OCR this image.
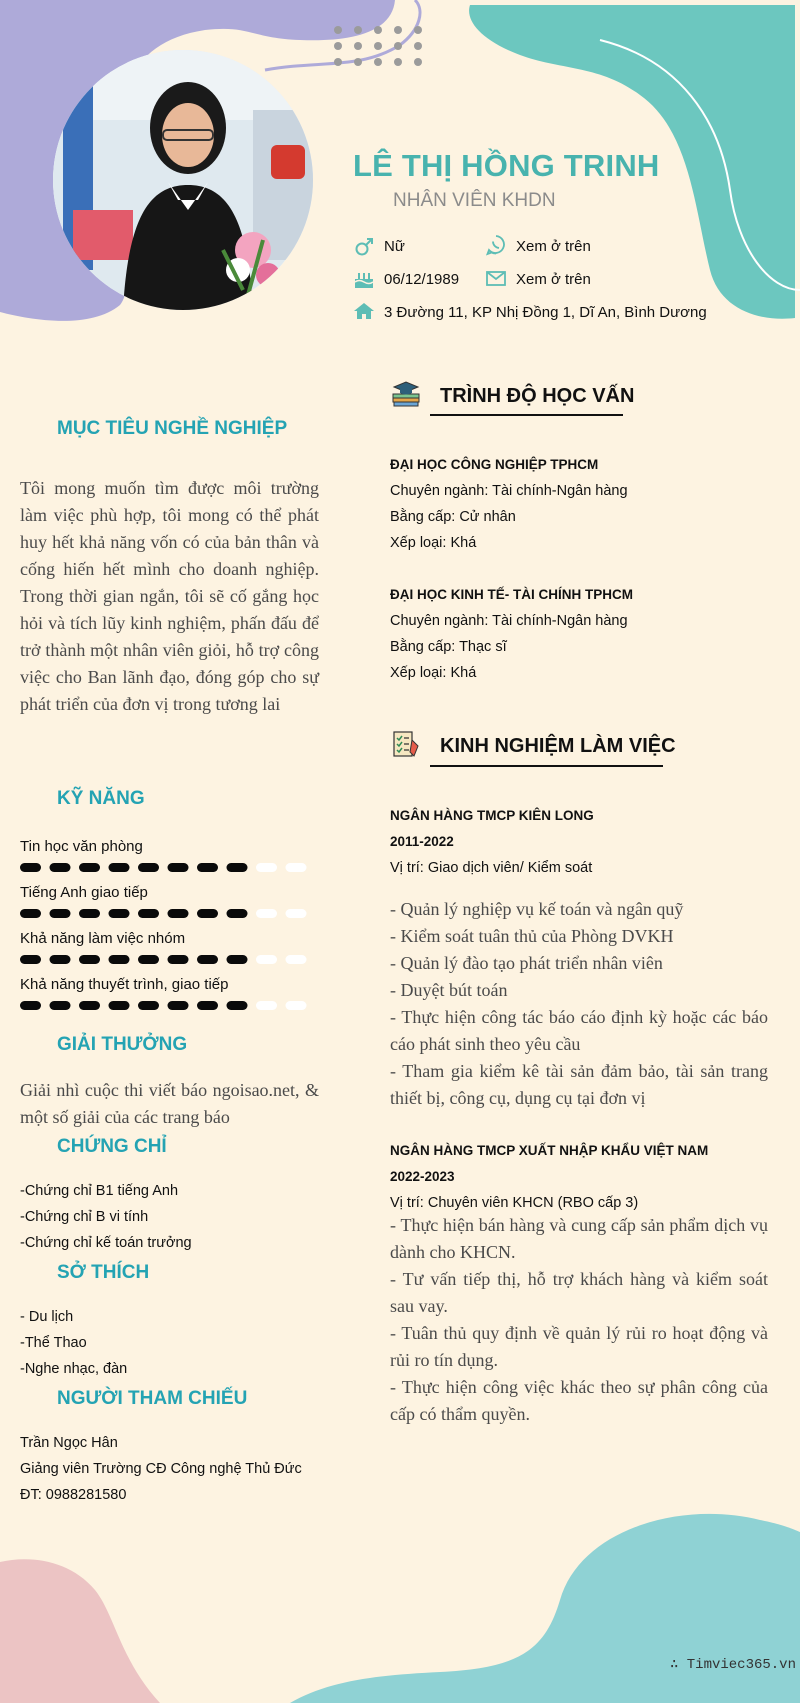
LÊ THỊ HỒNG TRINH
NHÂN VIÊN KHDN
Nữ	Xem ở trên
06/12/1989	Xem ở trên
3 Đường 11, KP Nhị Đồng 1, Dĩ An, Bình Dương
MỤC TIÊU NGHỀ NGHIỆP
Tôi mong muốn tìm được môi trường làm việc phù hợp, tôi mong có thể phát huy hết khả năng vốn có của bản thân và cống hiến hết mình cho doanh nghiệp. Trong thời gian ngắn, tôi sẽ cố gắng học hỏi và tích lũy kinh nghiệm, phấn đấu để trở thành một nhân viên giỏi, hỗ trợ công việc cho Ban lãnh đạo, đóng góp cho sự phát triển của đơn vị trong tương lai
KỸ NĂNG
Tin học văn phòng
Tiếng Anh giao tiếp
Khả năng làm việc nhóm
Khả năng thuyết trình, giao tiếp
GIẢI THƯỞNG
Giải nhì cuộc thi viết báo ngoisao.net, & một số giải của các trang báo
CHỨNG CHỈ
-Chứng chỉ B1 tiếng Anh
-Chứng chỉ B vi tính
-Chứng chỉ kế toán trưởng
SỞ THÍCH
- Du lịch
-Thể Thao
-Nghe nhạc, đàn
NGƯỜI THAM CHIẾU
Trần Ngọc Hân
Giảng viên Trường CĐ Công nghệ Thủ Đức
ĐT: 0988281580
TRÌNH ĐỘ HỌC VẤN
ĐẠI HỌC CÔNG NGHIỆP TPHCM
Chuyên ngành: Tài chính-Ngân hàng
Bằng cấp: Cử nhân
Xếp loại: Khá
ĐẠI HỌC KINH TẾ- TÀI CHÍNH TPHCM
Chuyên ngành: Tài chính-Ngân hàng
Bằng cấp: Thạc sĩ
Xếp loại: Khá
KINH NGHIỆM LÀM VIỆC
NGÂN HÀNG TMCP KIÊN LONG
2011-2022
Vị trí: Giao dịch viên/ Kiểm soát
- Quản lý nghiệp vụ kế toán và ngân quỹ
- Kiểm soát tuân thủ của Phòng DVKH
- Quản lý đào tạo phát triển nhân viên
- Duyệt bút toán
- Thực hiện công tác báo cáo định kỳ hoặc các báo cáo phát sinh theo yêu cầu
- Tham gia kiểm kê tài sản đảm bảo, tài sản trang thiết bị, công cụ, dụng cụ tại đơn vị
NGÂN HÀNG TMCP XUẤT NHẬP KHẨU VIỆT NAM
2022-2023
Vị trí: Chuyên viên KHCN (RBO cấp 3)
- Thực hiện bán hàng và cung cấp sản phẩm dịch vụ dành cho KHCN.
- Tư vấn tiếp thị, hỗ trợ khách hàng và kiểm soát sau vay.
- Tuân thủ quy định về quản lý rủi ro hoạt động và rủi ro tín dụng.
- Thực hiện công việc khác theo sự phân công của cấp có thẩm quyền.
∴ Timviec365.vn
